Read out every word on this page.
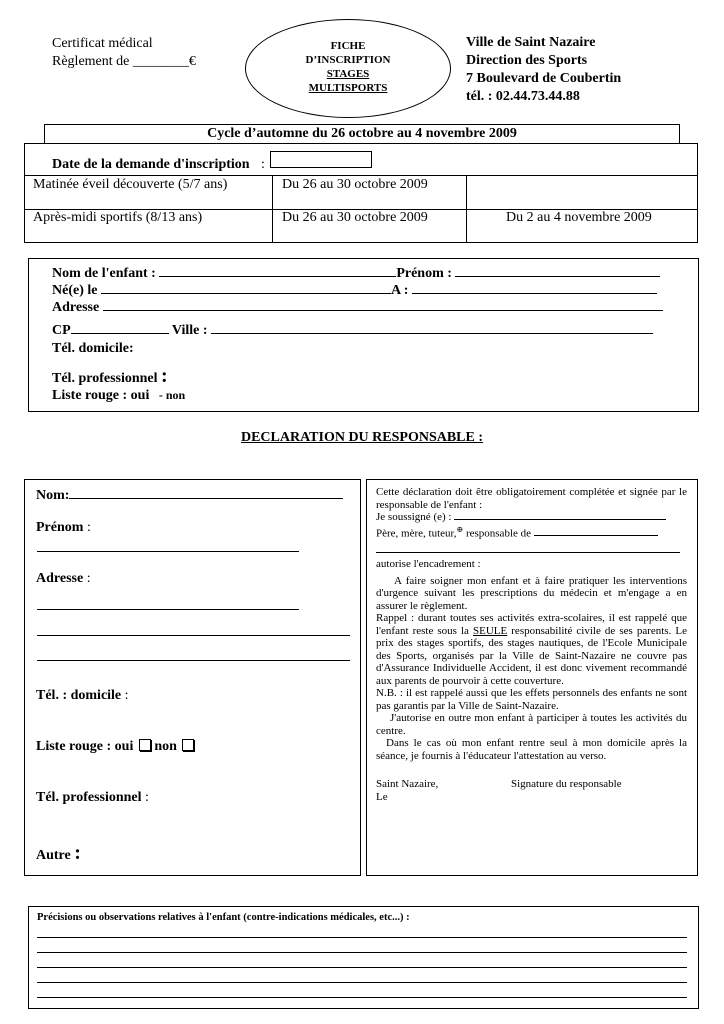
Certificat médical
Règlement de ________€
FICHE
D’INSCRIPTION
STAGES
MULTISPORTS
Ville de Saint Nazaire
Direction des Sports
7 Boulevard de Coubertin
tél. : 02.44.73.44.88
Cycle d’automne du 26 octobre au 4 novembre 2009
Date de la demande d'inscription :
Matinée éveil découverte (5/7 ans)	Du 26 au 30 octobre 2009
Après-midi sportifs (8/13 ans)	Du 26 au 30 octobre 2009	Du 2 au 4 novembre 2009
Nom de l'enfant :	Prénom :
Né(e) le	A :
Adresse
CP	Ville :
Tél. domicile:
Tél. professionnel :
Liste rouge : oui - non
DECLARATION DU RESPONSABLE :
Nom:
Prénom :
Adresse :
Tél. : domicile :
Liste rouge : oui  non
Tél. professionnel :
Autre :
Cette déclaration doit être obligatoirement complétée et signée par le responsable de l'enfant :
Je soussigné (e) :
Père, mère, tuteur,⊕ responsable de
autorise l'encadrement :
A faire soigner mon enfant et à faire pratiquer les interventions d'urgence suivant les prescriptions du médecin et m'engage a en assurer le règlement.
Rappel : durant toutes ses activités extra-scolaires, il est rappelé que l'enfant reste sous la SEULE responsabilité civile de ses parents. Le prix des stages sportifs, des stages nautiques, de l'Ecole Municipale des Sports, organisés par la Ville de Saint-Nazaire ne couvre pas d'Assurance Individuelle Accident, il est donc vivement recommandé aux parents de pourvoir à cette couverture.
N.B. : il est rappelé aussi que les effets personnels des enfants ne sont pas garantis par la Ville de Saint-Nazaire.
J'autorise en outre mon enfant à participer à toutes les activités du centre.
Dans le cas où mon enfant rentre seul à mon domicile après la séance, je fournis à l'éducateur l'attestation au verso.
Saint Nazaire,	Signature du responsable
Le
Précisions ou observations relatives à l'enfant (contre-indications médicales, etc...) :
